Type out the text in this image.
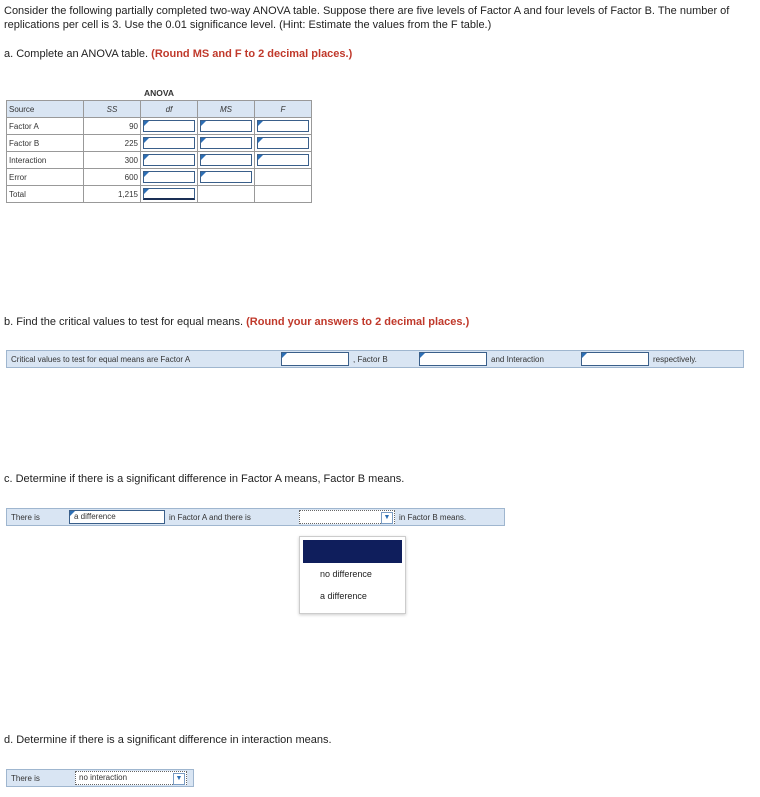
Consider the following partially completed two-way ANOVA table. Suppose there are five levels of Factor A and four levels of Factor B. The number of replications per cell is 3. Use the 0.01 significance level. (Hint: Estimate the values from the F table.)
a. Complete an ANOVA table. (Round MS and F to 2 decimal places.)
ANOVA				
Source	SS	df	MS	F
Factor A	90	

Factor B	225	

Interaction	300	

Error	600	

Total	1,215	

b. Find the critical values to test for equal means. (Round your answers to 2 decimal places.)
Critical values to test for equal means are Factor A	, Factor B	and Interaction	respectively.
c. Determine if there is a significant difference in Factor A means, Factor B means.
There is	a difference	in Factor A and there is	▼	in Factor B means.
no difference
a difference
d. Determine if there is a significant difference in interaction means.
There is	no interaction	▼
